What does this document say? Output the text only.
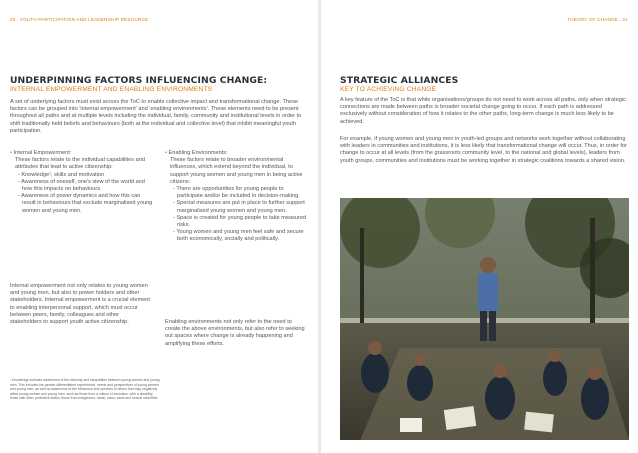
20 . YOUTH PARTICIPATION AND LEADERSHIP RESOURCE
UNDERPINNING FACTORS INFLUENCING CHANGE:
INTERNAL EMPOWERMENT AND ENABLING ENVIRONMENTS

A set of underlying factors must exist across the ToC to enable collective impact and transformational change. These factors can be grouped into 'internal empowerment' and 'enabling environments'. These elements need to be present throughout all paths and at multiple levels including the individual, family, community and institutional levels in order to shift traditionally held beliefs and behaviours (both at the individual and collective level) that inhibit meaningful youth participation.

• Internal Empowerment:
These factors relate to the individual capabilities and attributes that lead to active citizenship:
- Knowledge¹, skills and motivation
- Awareness of oneself, one's view of the world and how this impacts on behaviours.
- Awareness of power dynamics and how this can result in behaviours that exclude marginalised young women and young men.

Internal empowerment not only relates to young women and young men, but also to power holders and other stakeholders. Internal empowerment is a crucial element to enabling interpersonal support, which must occur between peers, family, colleagues and other stakeholders to support youth active citizenship.

• Enabling Environments:
These factors relate to broader environmental influences, which extend beyond the individual, to support young women and young men in being active citizens:
- There are opportunities for young people to participate and/or be included in decision-making.
- Special measures are put in place to further support marginalised young women and young men.
- Space is created for young people to take measured risks.
- Young women and young men feel safe and secure both economically, socially and politically.

Enabling environments not only refer to the need to create the above environments, but also refer to seeking out spaces where change is already happening and amplifying these efforts.

¹ Knowledge includes awareness of the diversity and inequalities between young women and young men. This includes the gender-differentiated experiences, needs and perspectives of young women and young men, as well as awareness of the behaviour and opinions of others that may negatively affect young women and young men, such as those from a culture of exclusion, with a disability, those with other protective status, those from Indigenous, racial, class, caste and sexual minorities.
THEORY OF CHANGE . 21
STRATEGIC ALLIANCES
KEY TO ACHIEVING CHANGE

A key feature of the ToC is that while organisations/groups do not need to work across all paths, only when strategic connections are made between paths is broader societal change going to occur. If each path is addressed exclusively without consideration of how it relates to the other paths, long-term change is much less likely to be achieved.

For example, if young women and young men in youth-led groups and networks work together without collaborating with leaders in communities and institutions, it is less likely that transformational change will occur. Thus, in order for change to occur at all levels (from the grassroots community level, to the national and global levels), leaders from youth groups, communities and institutions must be working together in strategic coalitions towards a shared vision.
